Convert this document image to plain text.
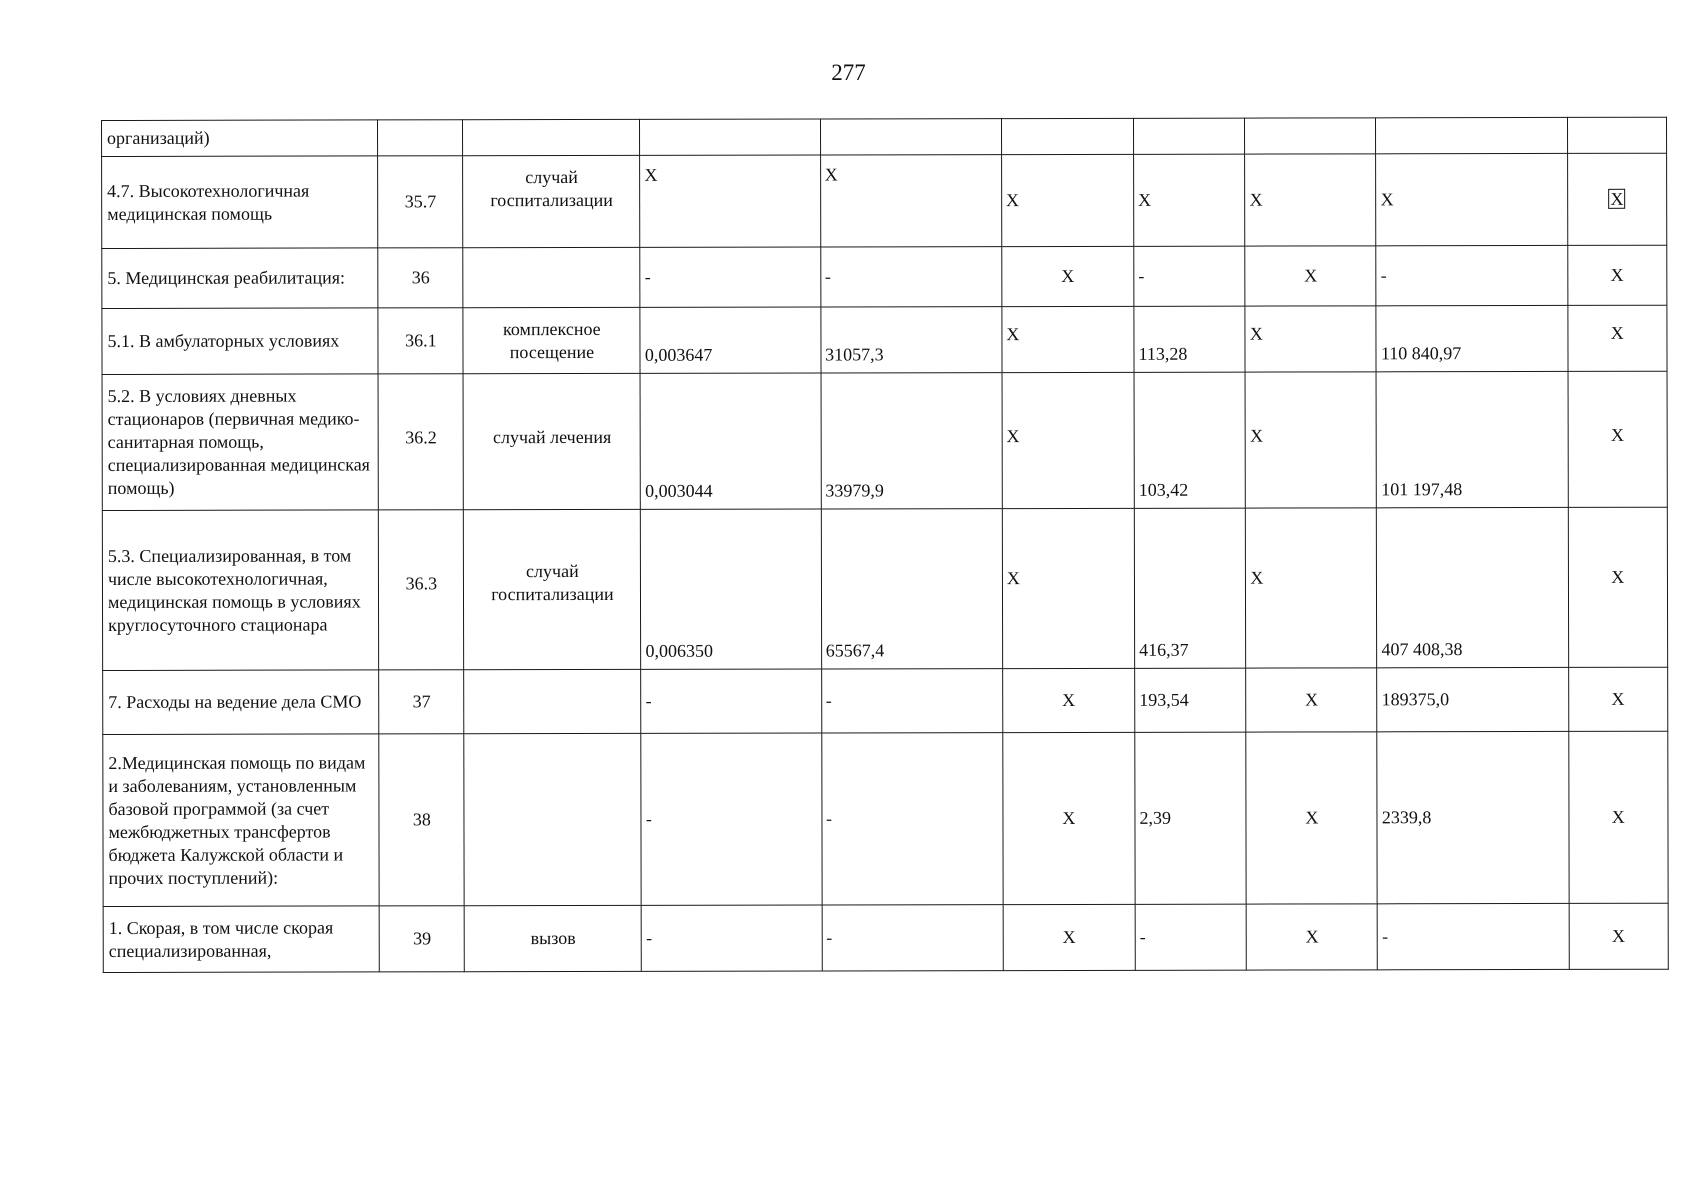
277
организаций)									
4.7. Высокотехнологичная медицинская помощь	35.7	случай госпитализации	Х	Х	Х	Х	Х	Х	Х
5. Медицинская реабилитация:	36		-	-	Х	-	Х	-	Х
5.1. В амбулаторных условиях	36.1	комплексное посещение	0,003647	31057,3	Х	113,28	Х	110 840,97	Х
5.2. В условиях дневных стационаров (первичная медико-санитарная помощь, специализированная медицинская помощь)	36.2	случай лечения	0,003044	33979,9	Х	103,42	Х	101 197,48	Х
5.3. Специализированная, в том числе высокотехнологичная, медицинская помощь в условиях круглосуточного стационара	36.3	случай госпитализации	0,006350	65567,4	Х	416,37	Х	407 408,38	Х
7. Расходы на ведение дела СМО	37		-	-	Х	193,54	Х	189375,0	Х
2.Медицинская помощь по видам и заболеваниям, установленным базовой программой (за счет межбюджетных трансфертов бюджета Калужской области и прочих поступлений):	38		-	-	Х	2,39	Х	2339,8	Х
1. Скорая, в том числе скорая специализированная,	39	вызов	-	-	Х	-	Х	-	Х
